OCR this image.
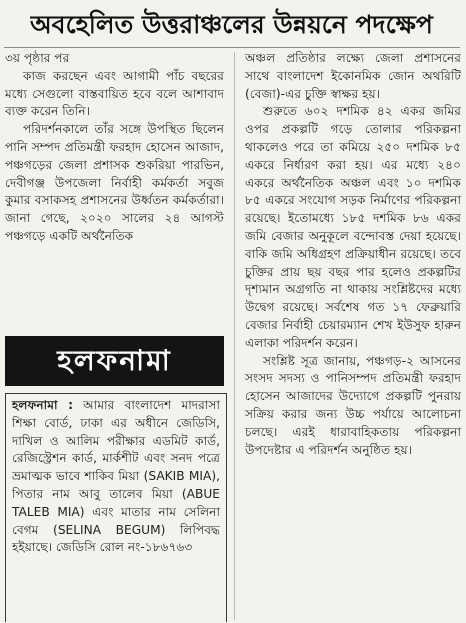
অবহেলিত উত্তরাঞ্চলের উন্নয়নে পদক্ষেপ

৩য় পৃষ্ঠার পর

কাজ করছেন এবং আগামী পাঁচ বছরের মধ্যে সেগুলো বাস্তবায়িত হবে বলে আশাবাদ ব্যক্ত করেন তিনি।

পরিদর্শনকালে তাঁর সঙ্গে উপস্থিত ছিলেন পানি সম্পদ প্রতিমন্ত্রী ফরহাদ হোসেন আজাদ, পঞ্চগড়ের জেলা প্রশাসক শুকরিয়া পারভিন, দেবীগঞ্জ উপজেলা নির্বাহী কর্মকর্তা সবুজ কুমার বসাকসহ প্রশাসনের উর্ধ্বতন কর্মকর্তারা। জানা গেছে, ২০২০ সালের ২৪ আগস্ট পঞ্চগড়ে একটি অর্থনৈতিক

হলফনামা

হলফনামা : আমার বাংলাদেশ মাদরাসা শিক্ষা বোর্ড, ঢাকা এর অধীনে জেডিসি, দাখিল ও আলিম পরীক্ষার এডমিট কার্ড, রেজিস্ট্রেশন কার্ড, মার্কশীট এবং সনদ পত্রে ভ্রমাত্মক ভাবে শাকিব মিয়া (SAKIB MIA), পিতার নাম আবু তালেব মিয়া (ABUE TALEB MIA) এবং মাতার নাম সেলিনা বেগম (SELINA BEGUM) লিপিবদ্ধ হইয়াছে। জেডিসি রোল নং-১৮৬৭৬৩

অঞ্চল প্রতিষ্ঠার লক্ষ্যে জেলা প্রশাসনের সাথে বাংলাদেশ ইকোনমিক জোন অথরিটি (বেজা)-এর চুক্তি স্বাক্ষর হয়।

শুরুতে ৬০২ দশমিক ৪২ একর জমির ওপর প্রকল্পটি গড়ে তোলার পরিকল্পনা থাকলেও পরে তা কমিয়ে ২৫০ দশমিক ৮৫ একরে নির্ধারণ করা হয়। এর মধ্যে ২৪০ একরে অর্থনৈতিক অঞ্চল এবং ১০ দশমিক ৮৫ একরে সংযোগ সড়ক নির্মাণের পরিকল্পনা রয়েছে। ইতোমধ্যে ১৮৫ দশমিক ৮৬ একর জমি বেজার অনুকূলে বন্দোবস্ত দেয়া হয়েছে। বাকি জমি অধিগ্রহণ প্রক্রিয়াধীন রয়েছে। তবে চুক্তির প্রায় ছয় বছর পার হলেও প্রকল্পটির দৃশ্যমান অগ্রগতি না থাকায় সংশ্লিষ্টদের মধ্যে উদ্বেগ রয়েছে। সর্বশেষ গত ১৭ ফেব্রুয়ারি বেজার নির্বাহী চেয়ারম্যান শেখ ইউসুফ হারুন এলাকা পরিদর্শন করেন।

সংশ্লিষ্ট সূত্র জানায়, পঞ্চগড়-২ আসনের সংসদ সদস্য ও পানিসম্পদ প্রতিমন্ত্রী ফরহাদ হোসেন আজাদের উদ্যোগে প্রকল্পটি পুনরায় সক্রিয় করার জন্য উচ্চ পর্যায়ে আলোচনা চলছে। এরই ধারাবাহিকতায় পরিকল্পনা উপদেষ্টার এ পরিদর্শন অনুষ্ঠিত হয়।
